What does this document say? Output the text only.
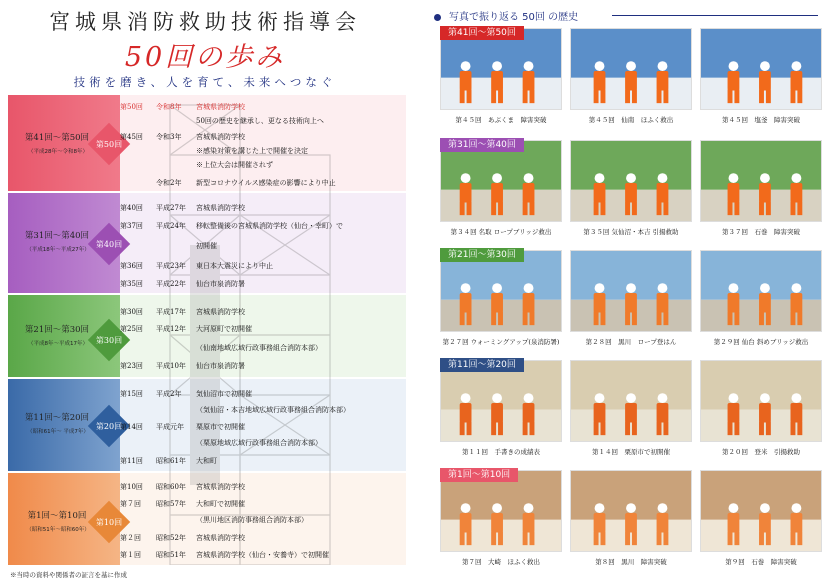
宮城県消防救助技術指導会
50回の歩み
技術を磨き、人を育て、未来へつなぐ
第41回〜第50回
（平成28年〜令和8年）
第50回
第31回〜第40回
（平成18年〜平成27年）
第40回
第21回〜第30回
（平成8年〜平成17年） 第30回
第11回〜第20回
（昭和61年〜 平成7年）
第20回
第1回〜第10回
（昭和51年〜昭和60年）
第10回
第50回 令和8年 宮城県消防学校
50回の歴史を継承し、更なる技術向上へ
第45回 令和3年 宮城県消防学校
※感染対策を講じた上で開催を決定
※上位大会は開催されず
令和2年 新型コロナウイルス感染症の影響により中止
第40回 平成27年 宮城県消防学校
第37回 平成24年 移転整備後の宮城県消防学校（仙台・幸町）で
初開催
第36回 平成23年 東日本大震災により中止
第35回 平成22年 仙台市泉消防署
第30回 平成17年 宮城県消防学校
第25回 平成12年 大河原町で初開催
（仙南地域広域行政事務組合消防本部）
第23回 平成10年 仙台市泉消防署
第15回 平成2年 気仙沼市で初開催
（気仙沼・本吉地域広域行政事務組合消防本部）
第14回 平成元年 栗原市で初開催
（栗原地域広域行政事務組合消防本部）
第11回 昭和61年 大和町
第10回 昭和60年 宮城県消防学校
第７回 昭和57年 大和町で初開催
（黒川地区消防事務組合消防本部）
第２回 昭和52年 宮城県消防学校
第１回 昭和51年 宮城県消防学校（仙台・安養寺）で初開催
※当時の資料や関係者の証言を基に作成
写真で振り返る 50回 の歴史
第41回〜第50回
第４５回　あぶくま　障害突破	第４５回　仙南　ほふく救出	第４５回　塩釜　障害突破
第31回〜第40回
第３４回 名取 ロープブリッジ救出	第３５回 気仙沼・本吉 引揚救助	第３７回　石巻　障害突破
第21回〜第30回
第２７回 ウォーミングアップ(泉消防署)	第２８回　黒川　ロープ登はん	第２９回 仙台 斜めブリッジ救出
第11回〜第20回
第１１回　手書きの成績表	第１４回　栗原市で初開催	第２０回　登米　引揚救助
第1回〜第10回
第７回　大崎　ほふく救出	第８回　黒川　障害突破	第９回　石巻　障害突破
